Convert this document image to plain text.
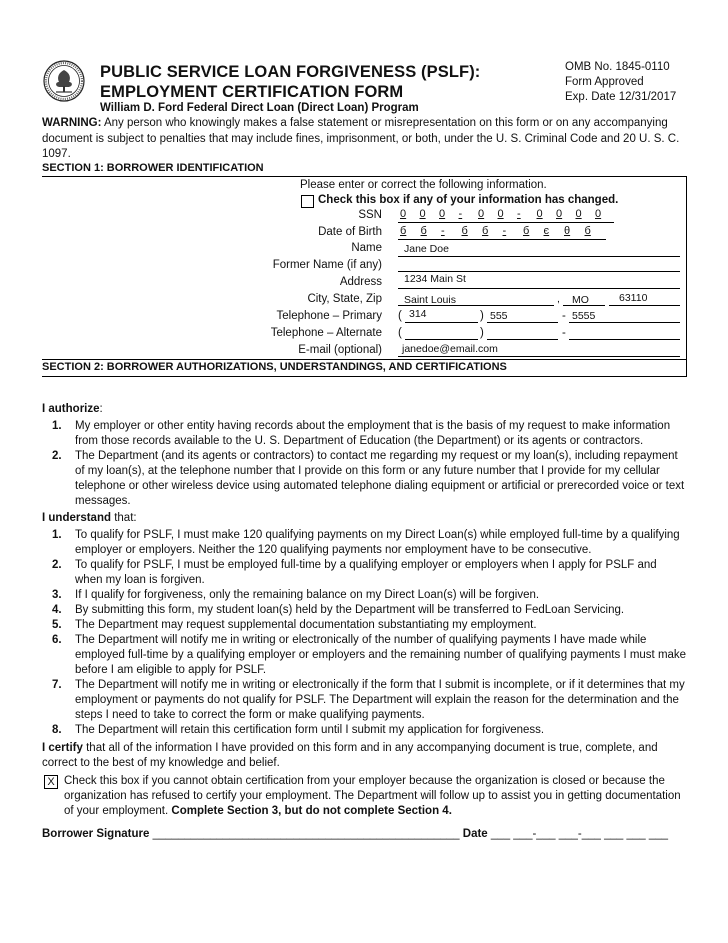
PUBLIC SERVICE LOAN FORGIVENESS (PSLF):
EMPLOYMENT CERTIFICATION FORM
William D. Ford Federal Direct Loan (Direct Loan) Program
OMB No. 1845-0110
Form Approved
Exp. Date 12/31/2017
WARNING: Any person who knowingly makes a false statement or misrepresentation on this form or on any accompanying document is subject to penalties that may include fines, imprisonment, or both, under the U. S. Criminal Code and 20 U. S. C. 1097.
SECTION 1: BORROWER IDENTIFICATION
Please enter or correct the following information.
Check this box if any of your information has changed.
SSN 0 0 0 - 0 0 - 0 0 0 0
Date of Birth б б - б б - б є θ б
Name Jane Doe
Former Name (if any)
Address 1234 Main St
City, State, Zip Saint Louis	, MO	63110
Telephone – Primary ( 314	) 555	- 5555
Telephone – Alternate (	)	-
E-mail (optional) janedoe@email.com
SECTION 2: BORROWER AUTHORIZATIONS, UNDERSTANDINGS, AND CERTIFICATIONS
I authorize:
1. My employer or other entity having records about the employment that is the basis of my request to make information from those records available to the U. S. Department of Education (the Department) or its agents or contractors.
2. The Department (and its agents or contractors) to contact me regarding my request or my loan(s), including repayment of my loan(s), at the telephone number that I provide on this form or any future number that I provide for my cellular telephone or other wireless device using automated telephone dialing equipment or artificial or prerecorded voice or text messages.
I understand that:
1. To qualify for PSLF, I must make 120 qualifying payments on my Direct Loan(s) while employed full-time by a qualifying employer or employers. Neither the 120 qualifying payments nor employment have to be consecutive.
2. To qualify for PSLF, I must be employed full-time by a qualifying employer or employers when I apply for PSLF and when my loan is forgiven.
3. If I qualify for forgiveness, only the remaining balance on my Direct Loan(s) will be forgiven.
4. By submitting this form, my student loan(s) held by the Department will be transferred to FedLoan Servicing.
5. The Department may request supplemental documentation substantiating my employment.
6. The Department will notify me in writing or electronically of the number of qualifying payments I have made while employed full-time by a qualifying employer or employers and the remaining number of qualifying payments I must make before I am eligible to apply for PSLF.
7. The Department will notify me in writing or electronically if the form that I submit is incomplete, or if it determines that my employment or payments do not qualify for PSLF. The Department will explain the reason for the determination and the steps I need to take to correct the form or make qualifying payments.
8. The Department will retain this certification form until I submit my application for forgiveness.
I certify that all of the information I have provided on this form and in any accompanying document is true, complete, and correct to the best of my knowledge and belief.
X Check this box if you cannot obtain certification from your employer because the organization is closed or because the organization has refused to certify your employment. The Department will follow up to assist you in getting documentation of your employment. Complete Section 3, but do not complete Section 4.
Borrower Signature ________________________________________________ Date ___ ___-___ ___-___ ___ ___ ___
